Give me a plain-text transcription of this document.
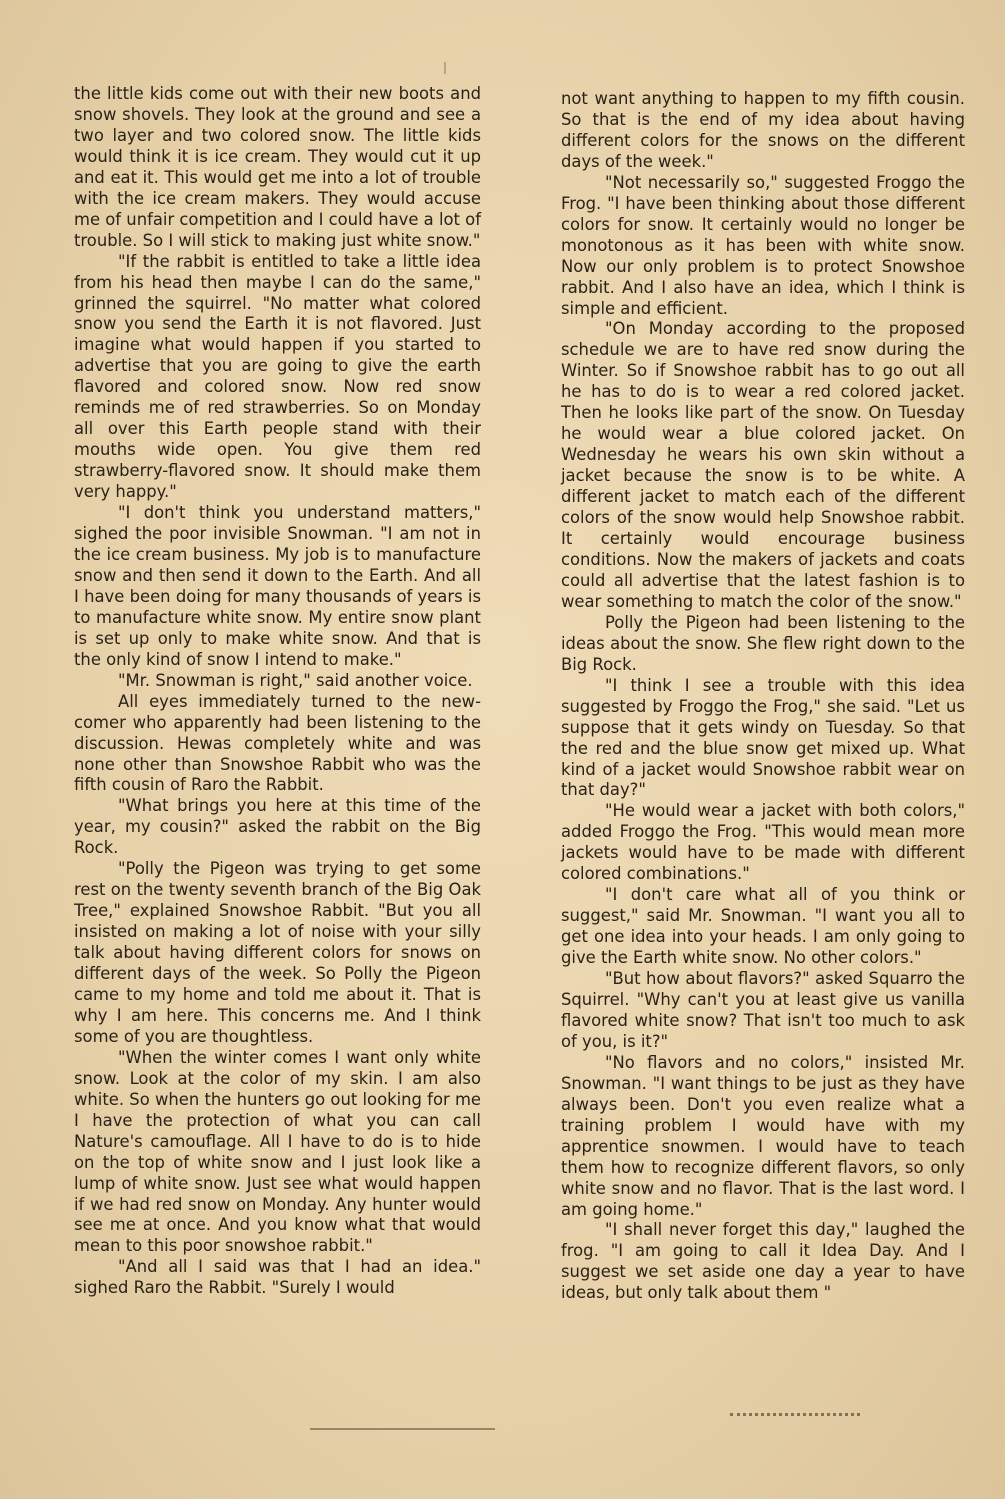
the little kids come out with their new boots and snow shovels. They look at the ground and see a two layer and two colored snow. The little kids would think it is ice cream. They would cut it up and eat it. This would get me into a lot of trouble with the ice cream makers. They would accuse me of unfair competition and I could have a lot of trouble. So I will stick to making just white snow."

"If the rabbit is entitled to take a little idea from his head then maybe I can do the same," grinned the squirrel. "No matter what colored snow you send the Earth it is not flavored. Just imagine what would happen if you started to advertise that you are going to give the earth flavored and colored snow. Now red snow reminds me of red strawberries. So on Monday all over this Earth people stand with their mouths wide open. You give them red strawberry-flavored snow. It should make them very happy."

"I don't think you understand matters," sighed the poor invisible Snowman. "I am not in the ice cream business. My job is to manufacture snow and then send it down to the Earth. And all I have been doing for many thousands of years is to manufacture white snow. My entire snow plant is set up only to make white snow. And that is the only kind of snow I intend to make."

"Mr. Snowman is right," said another voice.

All eyes immediately turned to the new-comer who apparently had been listening to the discussion. Hewas completely white and was none other than Snowshoe Rabbit who was the fifth cousin of Raro the Rabbit.

"What brings you here at this time of the year, my cousin?" asked the rabbit on the Big Rock.

"Polly the Pigeon was trying to get some rest on the twenty seventh branch of the Big Oak Tree," explained Snowshoe Rabbit. "But you all insisted on making a lot of noise with your silly talk about having different colors for snows on different days of the week. So Polly the Pigeon came to my home and told me about it. That is why I am here. This concerns me. And I think some of you are thoughtless.

"When the winter comes I want only white snow. Look at the color of my skin. I am also white. So when the hunters go out looking for me I have the protection of what you can call Nature's camouflage. All I have to do is to hide on the top of white snow and I just look like a lump of white snow. Just see what would happen if we had red snow on Monday. Any hunter would see me at once. And you know what that would mean to this poor snowshoe rabbit."

"And all I said was that I had an idea." sighed Raro the Rabbit. "Surely I would

not want anything to happen to my fifth cousin. So that is the end of my idea about having different colors for the snows on the different days of the week."

"Not necessarily so," suggested Froggo the Frog. "I have been thinking about those different colors for snow. It certainly would no longer be monotonous as it has been with white snow. Now our only problem is to protect Snowshoe rabbit. And I also have an idea, which I think is simple and efficient.

"On Monday according to the proposed schedule we are to have red snow during the Winter. So if Snowshoe rabbit has to go out all he has to do is to wear a red colored jacket. Then he looks like part of the snow. On Tuesday he would wear a blue colored jacket. On Wednesday he wears his own skin without a jacket because the snow is to be white. A different jacket to match each of the different colors of the snow would help Snowshoe rabbit. It certainly would encourage business conditions. Now the makers of jackets and coats could all advertise that the latest fashion is to wear something to match the color of the snow."

Polly the Pigeon had been listening to the ideas about the snow. She flew right down to the Big Rock.

"I think I see a trouble with this idea suggested by Froggo the Frog," she said. "Let us suppose that it gets windy on Tuesday. So that the red and the blue snow get mixed up. What kind of a jacket would Snowshoe rabbit wear on that day?"

"He would wear a jacket with both colors," added Froggo the Frog. "This would mean more jackets would have to be made with different colored combinations."

"I don't care what all of you think or suggest," said Mr. Snowman. "I want you all to get one idea into your heads. I am only going to give the Earth white snow. No other colors."

"But how about flavors?" asked Squarro the Squirrel. "Why can't you at least give us vanilla flavored white snow? That isn't too much to ask of you, is it?"

"No flavors and no colors," insisted Mr. Snowman. "I want things to be just as they have always been. Don't you even realize what a training problem I would have with my apprentice snowmen. I would have to teach them how to recognize different flavors, so only white snow and no flavor. That is the last word. I am going home."

"I shall never forget this day," laughed the frog. "I am going to call it Idea Day. And I suggest we set aside one day a year to have ideas, but only talk about them "
